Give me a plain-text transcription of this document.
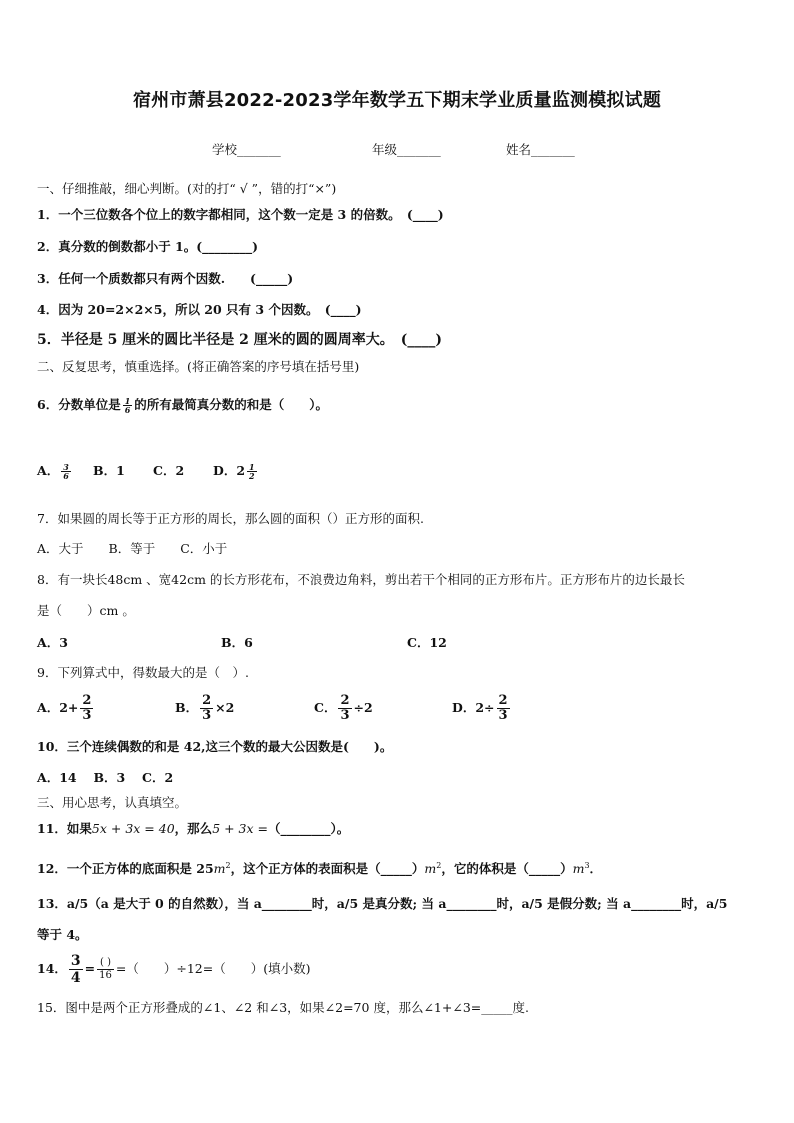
宿州市萧县2022-2023学年数学五下期末学业质量监测模拟试题
学校_______	年级_______	姓名_______
一、仔细推敲，细心判断。(对的打“ √ ”，错的打“×”)
1．一个三位数各个位上的数字都相同，这个数一定是 3 的倍数。　(____)
2．真分数的倒数都小于 1。(________)
3．任何一个质数都只有两个因数.　　(_____)
4．因为 20=2×2×5，所以 20 只有 3 个因数。　(____)
5．半径是 5 厘米的圆比半径是 2 厘米的圆的圆周率大。　(____)
二、反复思考，慎重选择。(将正确答案的序号填在括号里)
6．分数单位是 $\frac{1}{6}$ 的所有最简真分数的和是（　　）。
A． $\frac{3}{6}$ B．1 C．2 D．$2 \frac{1}{2}$
7．如果圆的周长等于正方形的周长，那么圆的面积（）正方形的面积.
A．大于　　B．等于　　C．小于
8．有一块长48cm 、宽42cm 的长方形花布，不浪费边角料，剪出若干个相同的正方形布片。正方形布片的边长最长
是（　　）cm 。
A．3	B．6	C．12
9．下列算式中，得数最大的是（　）.
A．$2+ \frac{2}{3}$	B． $\frac{2}{3} \times 2$	C． $\frac{2}{3} \div 2$	D．$2\div \frac{2}{3}$
10．三个连续偶数的和是 42,这三个数的最大公因数是(　　)。
A．14　 B．3　 C．2
三、用心思考，认真填空。
11．如果5x + 3x = 40，那么5 + 3x =（________）。
12．一个正方体的底面积是 $25m^2$，这个正方体的表面积是$(\_\_\_\_\_)m^2$，它的体积是$(\_\_\_\_\_)m^3$．
13．a/5（a 是大于 0 的自然数），当 a________时，a/5 是真分数; 当 a________时，a/5 是假分数; 当 a________时，a/5
等于 4。
14． $\frac{3}{4} = \frac{( )}{16}$ =（　　）÷12=（　　）(填小数)
15．图中是两个正方形叠成的∠1、∠2 和∠3，如果∠2=70 度，那么∠1+∠3=_____度.
